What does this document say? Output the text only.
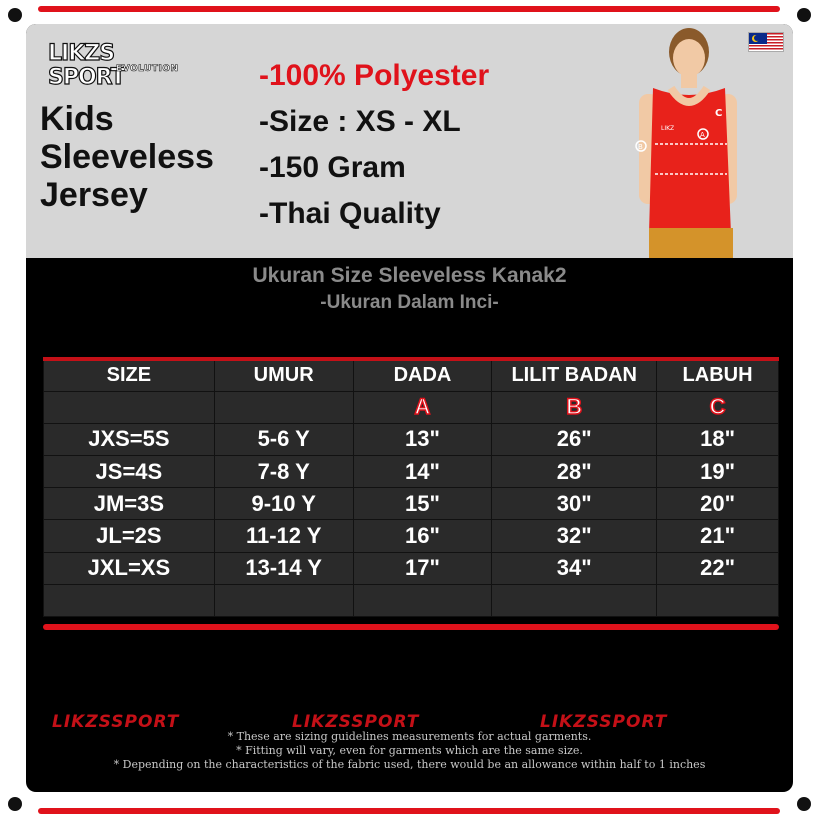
LIKZS SPORT
EVOLUTION
Kids
Sleeveless
Jersey
-100% Polyester
-Size : XS - XL
-150 Gram
-Thai Quality
LIKZ
C
A
B
Ukuran Size Sleeveless Kanak2
-Ukuran Dalam Inci-
SIZE	UMUR	DADA	LILIT BADAN	LABUH
		A	B	C
JXS=5S	5-6 Y	13"	26"	18"
JS=4S	7-8 Y	14"	28"	19"
JM=3S	9-10 Y	15"	30"	20"
JL=2S	11-12 Y	16"	32"	21"
JXL=XS	13-14 Y	17"	34"	22"

LIKZSSPORT	LIKZSSPORT	LIKZSSPORT
* These are sizing guidelines measurements for actual garments.
* Fitting will vary, even for garments which are the same size.
* Depending on the characteristics of the fabric used, there would be an allowance within half to 1 inches
